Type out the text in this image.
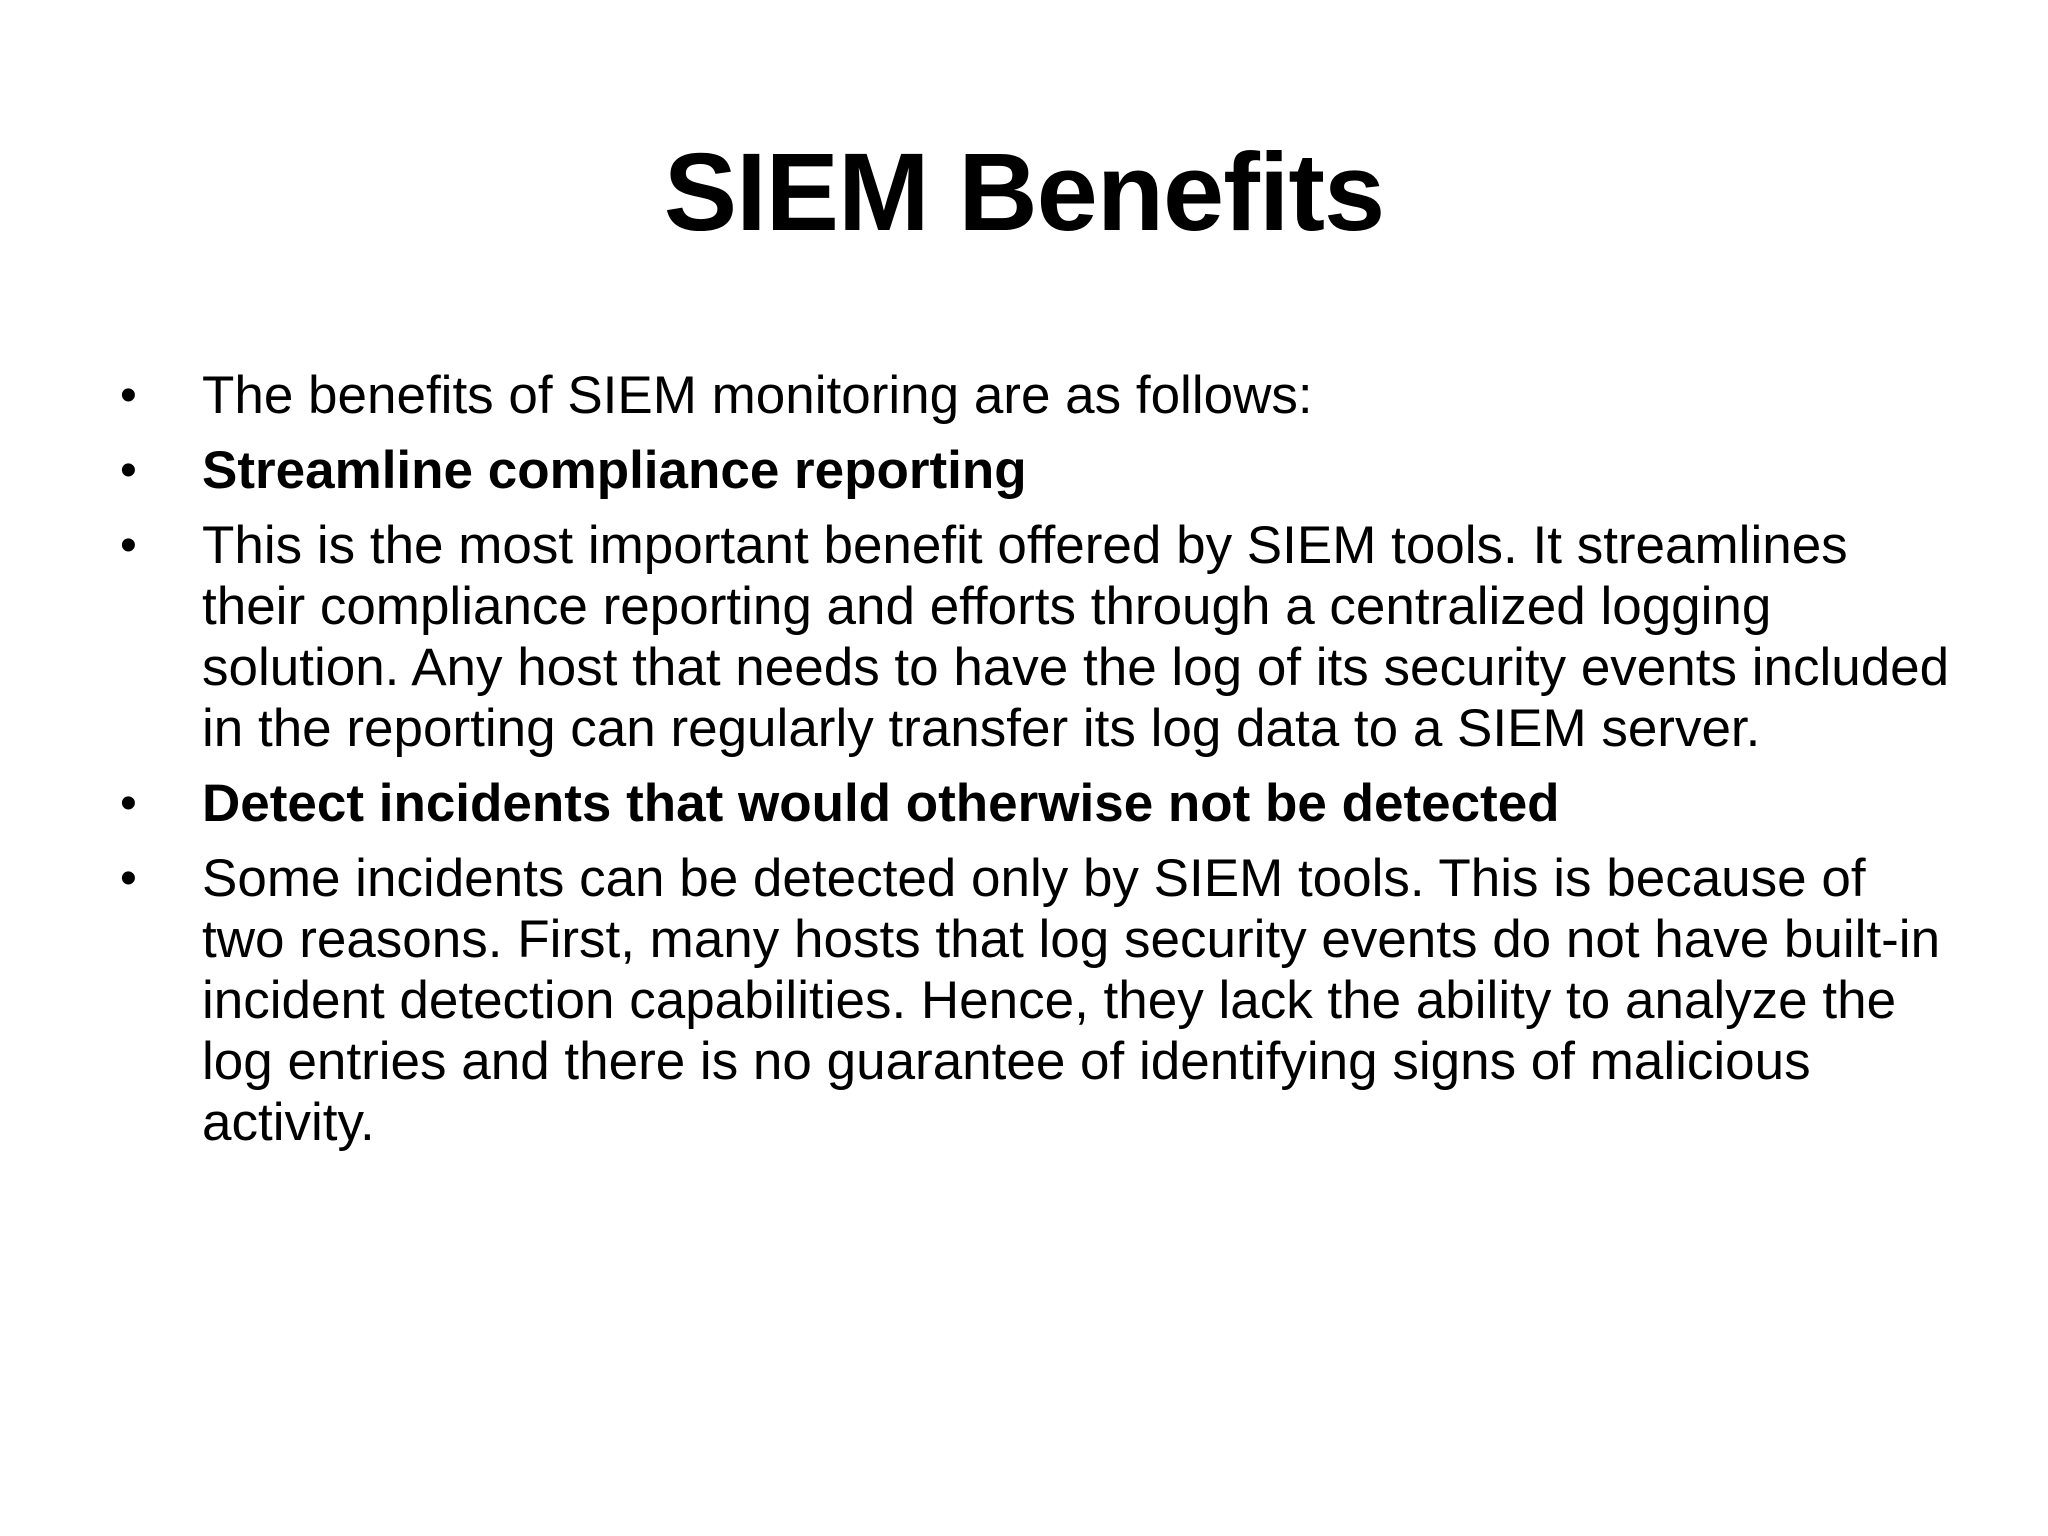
SIEM Benefits
•	The benefits of SIEM monitoring are as follows:
•	Streamline compliance reporting
•	This is the most important benefit offered by SIEM tools. It streamlines their compliance reporting and efforts through a centralized logging solution. Any host that needs to have the log of its security events included in the reporting can regularly transfer its log data to a SIEM server.
•	Detect incidents that would otherwise not be detected
•	Some incidents can be detected only by SIEM tools. This is because of two reasons. First, many hosts that log security events do not have built-in incident detection capabilities. Hence, they lack the ability to analyze the log entries and there is no guarantee of identifying signs of malicious activity.
